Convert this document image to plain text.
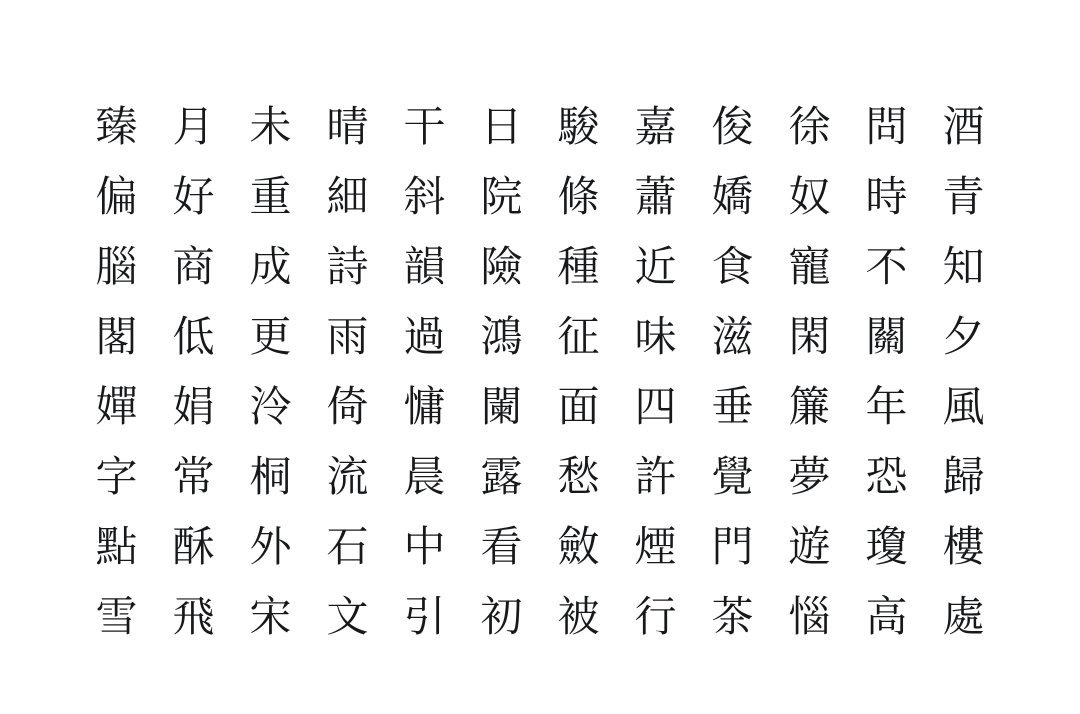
酒
青
知
夕
風
歸
樓
處
問
時
不
關
年
恐
瓊
高
徐
奴
寵
閑
簾
夢
遊
惱
俊
嬌
食
滋
垂
覺
門
茶
嘉
蕭
近
味
四
許
煙
行
駿
條
種
征
面
愁
斂
被
日
院
險
鴻
闌
露
看
初
干
斜
韻
過
慵
晨
中
引
晴
細
詩
雨
倚
流
石
文
未
重
成
更
泠
桐
外
宋
月
好
商
低
娟
常
酥
飛
臻
偏
腦
閣
嬋
字
點
雪
